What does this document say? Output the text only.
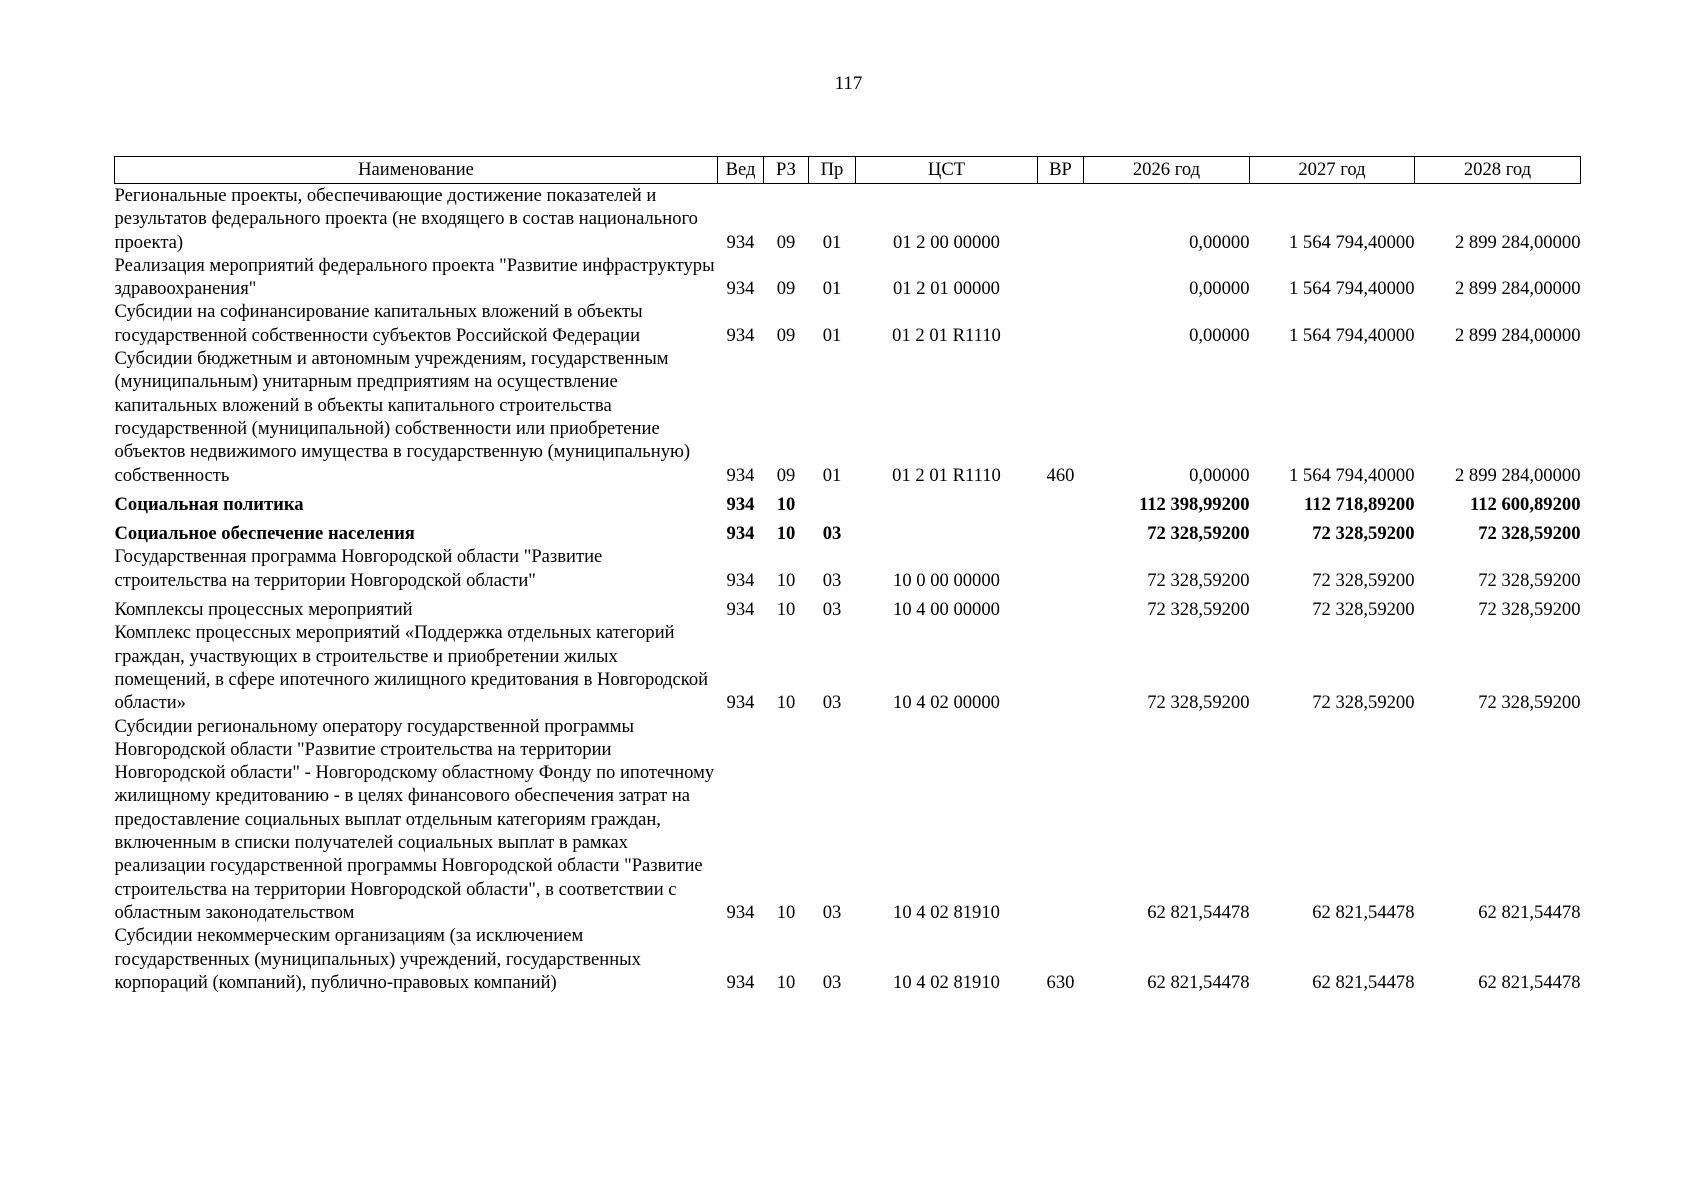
117
Наименование	Вед	РЗ	Пр	ЦСТ	ВР	2026 год	2027 год	2028 год
Региональные проекты, обеспечивающие достижение показателей и результатов федерального проекта (не входящего в состав национального проекта)	934	09	01	01 2 00 00000		0,00000	1 564 794,40000	2 899 284,00000
Реализация мероприятий федерального проекта "Развитие инфраструктуры здравоохранения"	934	09	01	01 2 01 00000		0,00000	1 564 794,40000	2 899 284,00000
Субсидии на софинансирование капитальных вложений в объекты государственной собственности субъектов Российской Федерации	934	09	01	01 2 01 R1110		0,00000	1 564 794,40000	2 899 284,00000
Субсидии бюджетным и автономным учреждениям, государственным (муниципальным) унитарным предприятиям на осуществление капитальных вложений в объекты капитального строительства государственной (муниципальной) собственности или приобретение объектов недвижимого имущества в государственную (муниципальную) собственность	934	09	01	01 2 01 R1110	460	0,00000	1 564 794,40000	2 899 284,00000
Социальная политика	934	10				112 398,99200	112 718,89200	112 600,89200
Социальное обеспечение населения	934	10	03			72 328,59200	72 328,59200	72 328,59200
Государственная программа Новгородской области "Развитие строительства на территории Новгородской области"	934	10	03	10 0 00 00000		72 328,59200	72 328,59200	72 328,59200
Комплексы процессных мероприятий	934	10	03	10 4 00 00000		72 328,59200	72 328,59200	72 328,59200
Комплекс процессных мероприятий «Поддержка отдельных категорий граждан, участвующих в строительстве и приобретении жилых помещений, в сфере ипотечного жилищного кредитования в Новгородской области»	934	10	03	10 4 02 00000		72 328,59200	72 328,59200	72 328,59200
Субсидии региональному оператору государственной программы Новгородской области "Развитие строительства на территории Новгородской области" - Новгородскому областному Фонду по ипотечному жилищному кредитованию - в целях финансового обеспечения затрат на предоставление социальных выплат отдельным категориям граждан, включенным в списки получателей социальных выплат в рамках реализации государственной программы Новгородской области "Развитие строительства на территории Новгородской области", в соответствии с областным законодательством	934	10	03	10 4 02 81910		62 821,54478	62 821,54478	62 821,54478
Субсидии некоммерческим организациям (за исключением государственных (муниципальных) учреждений, государственных корпораций (компаний), публично-правовых компаний)	934	10	03	10 4 02 81910	630	62 821,54478	62 821,54478	62 821,54478
